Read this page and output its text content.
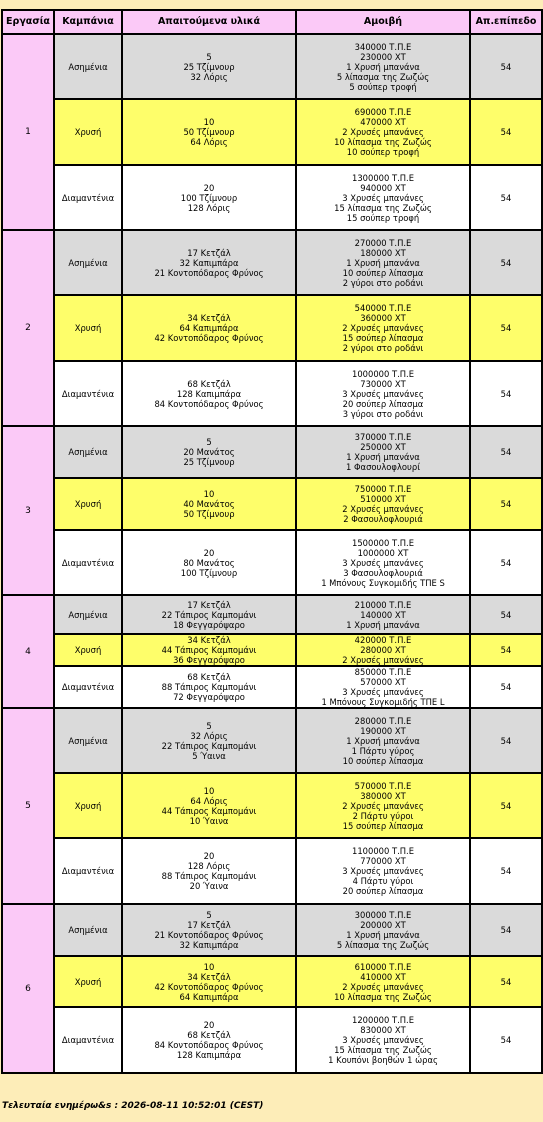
Εργασία	Καμπάνια	Απαιτούμενα υλικά	Αμοιβή	Απ.επίπεδο
1	Ασημένια	5
25 Τζίμνουρ
32 Λόρις	340000 Τ.Π.Ε
230000 ΧΤ
1 Χρυσή μπανάνα
5 λίπασμα της Ζωζώς
5 σούπερ τροφή	54
	Χρυσή	10
50 Τζίμνουρ
64 Λόρις	690000 Τ.Π.Ε
470000 ΧΤ
2 Χρυσές μπανάνες
10 λίπασμα της Ζωζώς
10 σούπερ τροφή	54
	Διαμαντένια	20
100 Τζίμνουρ
128 Λόρις	1300000 Τ.Π.Ε
940000 ΧΤ
3 Χρυσές μπανάνες
15 λίπασμα της Ζωζώς
15 σούπερ τροφή	54
2	Ασημένια	17 Κετζάλ
32 Καπιμπάρα
21 Κοντοπόδαρος Φρύνος	270000 Τ.Π.Ε
180000 ΧΤ
1 Χρυσή μπανάνα
10 σούπερ λίπασμα
2 γύροι στο ροδάνι	54
	Χρυσή	34 Κετζάλ
64 Καπιμπάρα
42 Κοντοπόδαρος Φρύνος	540000 Τ.Π.Ε
360000 ΧΤ
2 Χρυσές μπανάνες
15 σούπερ λίπασμα
2 γύροι στο ροδάνι	54
	Διαμαντένια	68 Κετζάλ
128 Καπιμπάρα
84 Κοντοπόδαρος Φρύνος	1000000 Τ.Π.Ε
730000 ΧΤ
3 Χρυσές μπανάνες
20 σούπερ λίπασμα
3 γύροι στο ροδάνι	54
3	Ασημένια	5
20 Μανάτος
25 Τζίμνουρ	370000 Τ.Π.Ε
250000 ΧΤ
1 Χρυσή μπανάνα
1 Φασουλοφλουρί	54
	Χρυσή	10
40 Μανάτος
50 Τζίμνουρ	750000 Τ.Π.Ε
510000 ΧΤ
2 Χρυσές μπανάνες
2 Φασουλοφλουριά	54
	Διαμαντένια	20
80 Μανάτος
100 Τζίμνουρ	1500000 Τ.Π.Ε
1000000 ΧΤ
3 Χρυσές μπανάνες
3 Φασουλοφλουριά
1 Μπόνους Συγκομιδής ΤΠΕ S	54
4	Ασημένια	17 Κετζάλ
22 Τάπιρος Καμπομάνι
18 Φεγγαρόψαρο	210000 Τ.Π.Ε
140000 ΧΤ
1 Χρυσή μπανάνα	54
	Χρυσή	34 Κετζάλ
44 Τάπιρος Καμπομάνι
36 Φεγγαρόψαρο	420000 Τ.Π.Ε
280000 ΧΤ
2 Χρυσές μπανάνες	54
	Διαμαντένια	68 Κετζάλ
88 Τάπιρος Καμπομάνι
72 Φεγγαρόψαρο	850000 Τ.Π.Ε
570000 ΧΤ
3 Χρυσές μπανάνες
1 Μπόνους Συγκομιδής ΤΠΕ L	54
5	Ασημένια	5
32 Λόρις
22 Τάπιρος Καμπομάνι
5 Ύαινα	280000 Τ.Π.Ε
190000 ΧΤ
1 Χρυσή μπανάνα
1 Πάρτυ γύρος
10 σούπερ λίπασμα	54
	Χρυσή	10
64 Λόρις
44 Τάπιρος Καμπομάνι
10 Ύαινα	570000 Τ.Π.Ε
380000 ΧΤ
2 Χρυσές μπανάνες
2 Πάρτυ γύροι
15 σούπερ λίπασμα	54
	Διαμαντένια	20
128 Λόρις
88 Τάπιρος Καμπομάνι
20 Ύαινα	1100000 Τ.Π.Ε
770000 ΧΤ
3 Χρυσές μπανάνες
4 Πάρτυ γύροι
20 σούπερ λίπασμα	54
6	Ασημένια	5
17 Κετζάλ
21 Κοντοπόδαρος Φρύνος
32 Καπιμπάρα	300000 Τ.Π.Ε
200000 ΧΤ
1 Χρυσή μπανάνα
5 λίπασμα της Ζωζώς	54
	Χρυσή	10
34 Κετζάλ
42 Κοντοπόδαρος Φρύνος
64 Καπιμπάρα	610000 Τ.Π.Ε
410000 ΧΤ
2 Χρυσές μπανάνες
10 λίπασμα της Ζωζώς	54
	Διαμαντένια	20
68 Κετζάλ
84 Κοντοπόδαρος Φρύνος
128 Καπιμπάρα	1200000 Τ.Π.Ε
830000 ΧΤ
3 Χρυσές μπανάνες
15 λίπασμα της Ζωζώς
1 Κουπόνι βοηθών 1 ώρας	54
Τελευταία ενημέρω&s : 2026-08-11 10:52:01 (CEST)
